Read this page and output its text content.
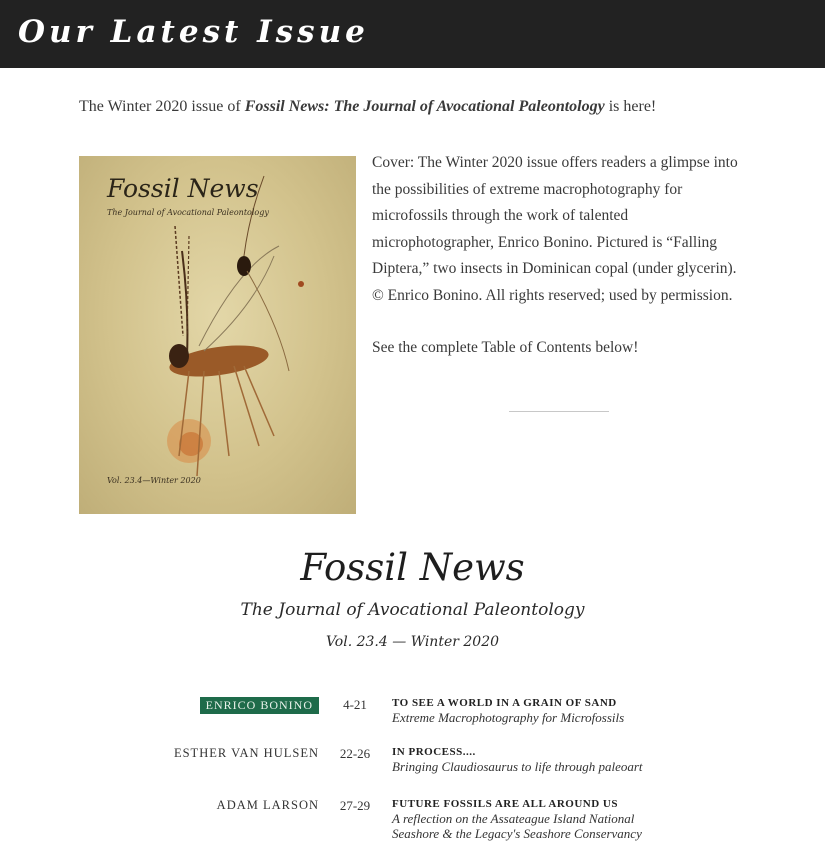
Our Latest Issue
The Winter 2020 issue of Fossil News: The Journal of Avocational Paleontology is here!
Fossil News
The Journal of Avocational Paleontology
Vol. 23.4—Winter 2020

Cover: The Winter 2020 issue offers readers a glimpse into the possibilities of extreme macrophotography for microfossils through the work of talented microphotographer, Enrico Bonino. Pictured is “Falling Diptera,” two insects in Dominican copal (under glycerin). © Enrico Bonino. All rights reserved; used by permission.

See the complete Table of Contents below!

Fossil News
The Journal of Avocational Paleontology
Vol. 23.4 — Winter 2020
ENRICO BONINO	4-21	TO SEE A WORLD IN A GRAIN OF SAND
Extreme Macrophotography for Microfossils
ESTHER VAN HULSEN 22-26 IN PROCESS....
Bringing Claudiosaurus to life through paleoart
ADAM LARSON 27-29 FUTURE FOSSILS ARE ALL AROUND US
A reflection on the Assateague Island National Seashore & the Legacy's Seashore Conservancy
